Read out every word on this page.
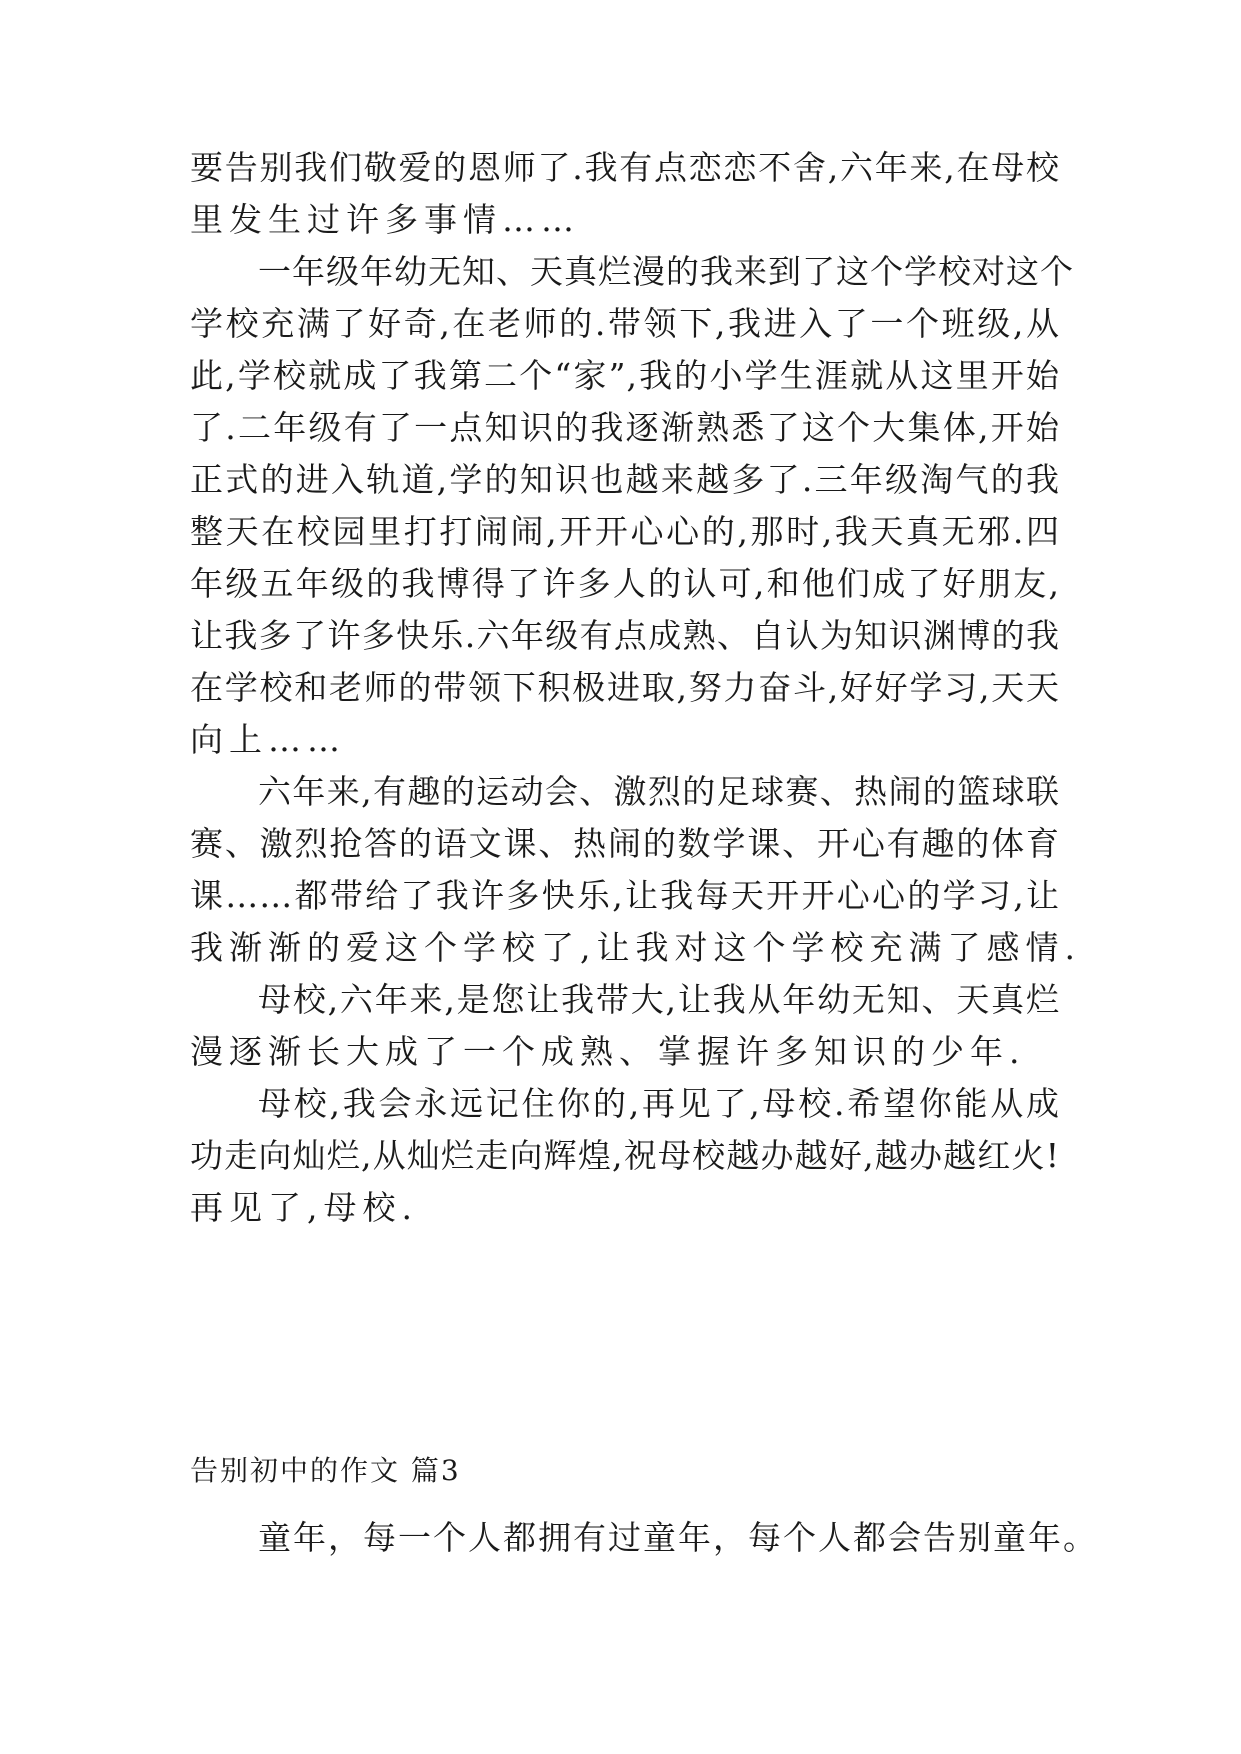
要告别我们敬爱的恩师了.我有点恋恋不舍,六年来,在母校
里发生过许多事情……
一年级年幼无知、天真烂漫的我来到了这个学校对这个
学校充满了好奇,在老师的.带领下,我进入了一个班级,从
此,学校就成了我第二个“家”,我的小学生涯就从这里开始
了.二年级有了一点知识的我逐渐熟悉了这个大集体,开始
正式的进入轨道,学的知识也越来越多了.三年级淘气的我
整天在校园里打打闹闹,开开心心的,那时,我天真无邪.四
年级五年级的我博得了许多人的认可,和他们成了好朋友,
让我多了许多快乐.六年级有点成熟、自认为知识渊博的我
在学校和老师的带领下积极进取,努力奋斗,好好学习,天天
向上……
六年来,有趣的运动会、激烈的足球赛、热闹的篮球联
赛、激烈抢答的语文课、热闹的数学课、开心有趣的体育
课……都带给了我许多快乐,让我每天开开心心的学习,让
我渐渐的爱这个学校了,让我对这个学校充满了感情.
母校,六年来,是您让我带大,让我从年幼无知、天真烂
漫逐渐长大成了一个成熟、掌握许多知识的少年.
母校,我会永远记住你的,再见了,母校.希望你能从成
功走向灿烂,从灿烂走向辉煌,祝母校越办越好,越办越红火!
再见了,母校.
告别初中的作文 篇3
童年，每一个人都拥有过童年，每个人都会告别童年。
